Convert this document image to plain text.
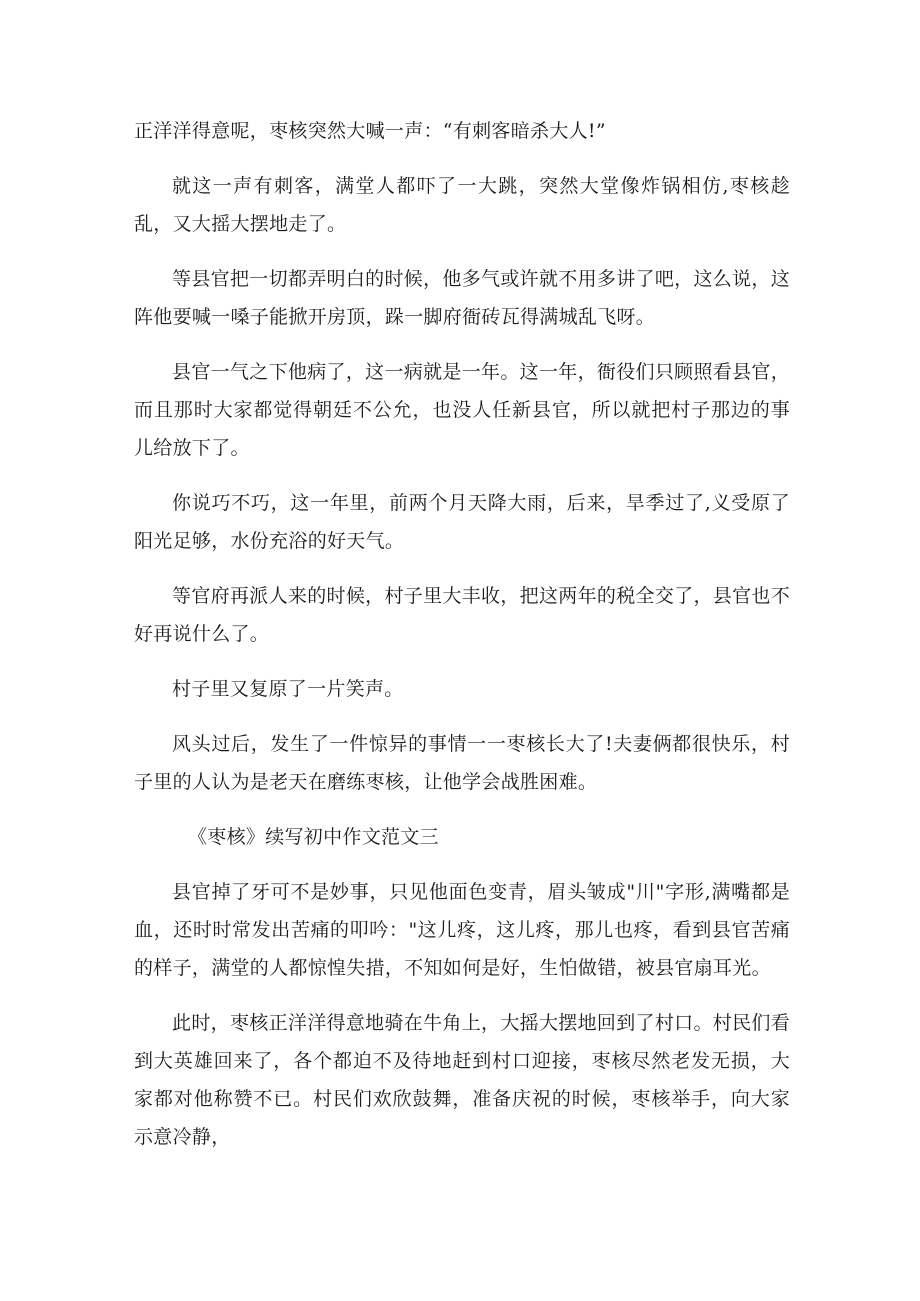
正洋洋得意呢，枣核突然大喊一声：“有刺客暗杀大人!”

就这一声有刺客，满堂人都吓了一大跳，突然大堂像炸锅相仿,枣核趁乱，又大摇大摆地走了。

等县官把一切都弄明白的时候，他多气或许就不用多讲了吧，这么说，这阵他要喊一嗓子能掀开房顶，跺一脚府衙砖瓦得满城乱飞呀。

县官一气之下他病了，这一病就是一年。这一年，衙役们只顾照看县官，而且那时大家都觉得朝廷不公允，也没人任新县官，所以就把村子那边的事儿给放下了。

你说巧不巧，这一年里，前两个月天降大雨，后来，旱季过了,义受原了阳光足够，水份充浴的好天气。

等官府再派人来的时候，村子里大丰收，把这两年的税全交了，县官也不好再说什么了。

村子里又复原了一片笑声。

风头过后，发生了一件惊异的事情一一枣核长大了!夫妻俩都很快乐，村子里的人认为是老天在磨练枣核，让他学会战胜困难。

《枣核》续写初中作文范文三

县官掉了牙可不是妙事，只见他面色变青，眉头皱成"川"字形,满嘴都是血，还时时常发出苦痛的叩吟："这儿疼，这儿疼，那儿也疼，看到县官苦痛的样子，满堂的人都惊惶失措，不知如何是好，生怕做错，被县官扇耳光。

此时，枣核正洋洋得意地骑在牛角上，大摇大摆地回到了村口。村民们看到大英雄回来了，各个都迫不及待地赶到村口迎接，枣核尽然老发无损，大家都对他称赞不已。村民们欢欣鼓舞，准备庆祝的时候，枣核举手，向大家示意冷静，
